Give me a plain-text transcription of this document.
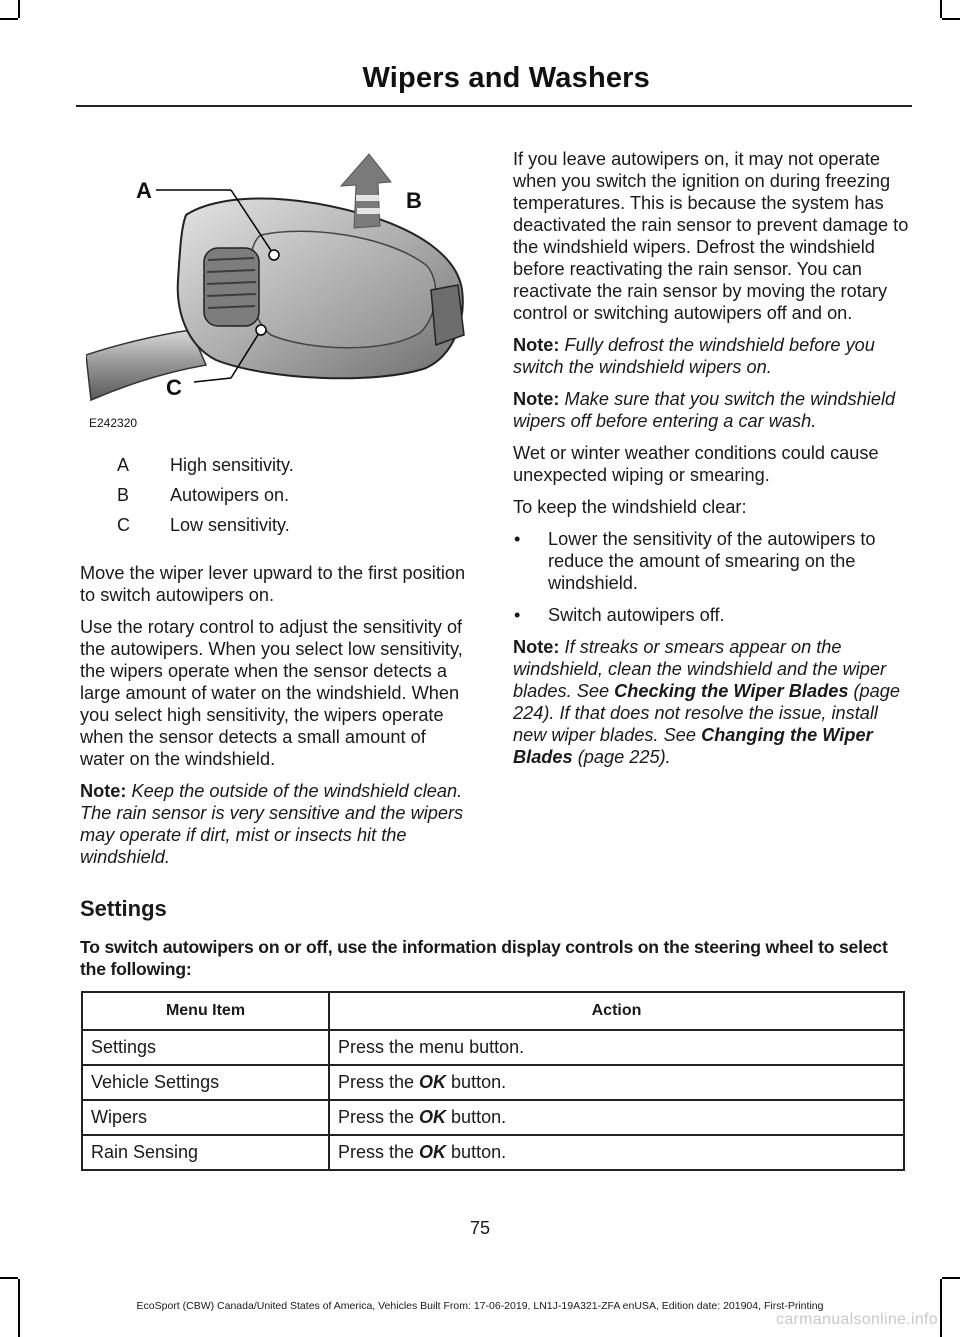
Wipers and Washers
A	B
C
E242320
A	High sensitivity.
B	Autowipers on.
C	Low sensitivity.

Move the wiper lever upward to the first position to switch autowipers on.

Use the rotary control to adjust the sensitivity of the autowipers. When you select low sensitivity, the wipers operate when the sensor detects a large amount of water on the windshield. When you select high sensitivity, the wipers operate when the sensor detects a small amount of water on the windshield.

Note: Keep the outside of the windshield clean. The rain sensor is very sensitive and the wipers may operate if dirt, mist or insects hit the windshield.

If you leave autowipers on, it may not operate when you switch the ignition on during freezing temperatures. This is because the system has deactivated the rain sensor to prevent damage to the windshield wipers. Defrost the windshield before reactivating the rain sensor. You can reactivate the rain sensor by moving the rotary control or switching autowipers off and on.

Note: Fully defrost the windshield before you switch the windshield wipers on.

Note: Make sure that you switch the windshield wipers off before entering a car wash.

Wet or winter weather conditions could cause unexpected wiping or smearing.

To keep the windshield clear:

• Lower the sensitivity of the autowipers to reduce the amount of smearing on the windshield.
• Switch autowipers off.

Note: If streaks or smears appear on the windshield, clean the windshield and the wiper blades. See Checking the Wiper Blades (page 224). If that does not resolve the issue, install new wiper blades. See Changing the Wiper Blades (page 225).

Settings
To switch autowipers on or off, use the information display controls on the steering wheel to select the following:
Menu Item	Action
Settings	Press the menu button.
Vehicle Settings	Press the OK button.
Wipers	Press the OK button.
Rain Sensing	Press the OK button.
75
EcoSport (CBW) Canada/United States of America, Vehicles Built From: 17-06-2019, LN1J-19A321-ZFA enUSA, Edition date: 201904, First-Printing
carmanualsonline.info
